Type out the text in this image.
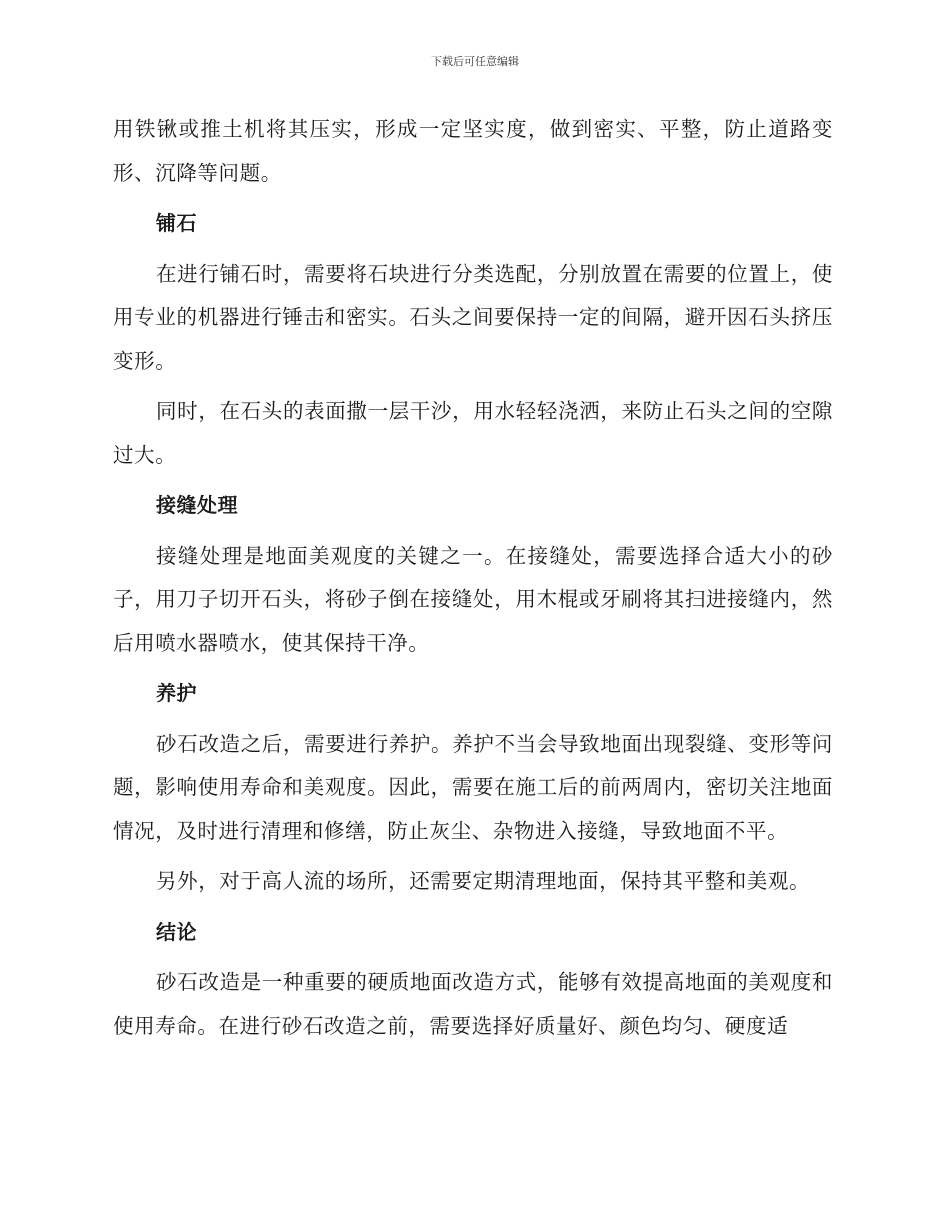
下载后可任意编辑

用铁锹或推土机将其压实，形成一定坚实度，做到密实、平整，防止道路变形、沉降等问题。

铺石

在进行铺石时，需要将石块进行分类选配，分别放置在需要的位置上，使用专业的机器进行锤击和密实。石头之间要保持一定的间隔，避开因石头挤压变形。

同时，在石头的表面撒一层干沙，用水轻轻浇洒，来防止石头之间的空隙过大。

接缝处理

接缝处理是地面美观度的关键之一。在接缝处，需要选择合适大小的砂子，用刀子切开石头，将砂子倒在接缝处，用木棍或牙刷将其扫进接缝内，然后用喷水器喷水，使其保持干净。

养护

砂石改造之后，需要进行养护。养护不当会导致地面出现裂缝、变形等问题，影响使用寿命和美观度。因此，需要在施工后的前两周内，密切关注地面情况，及时进行清理和修缮，防止灰尘、杂物进入接缝，导致地面不平。

另外，对于高人流的场所，还需要定期清理地面，保持其平整和美观。

结论

砂石改造是一种重要的硬质地面改造方式，能够有效提高地面的美观度和使用寿命。在进行砂石改造之前，需要选择好质量好、颜色均匀、硬度适
